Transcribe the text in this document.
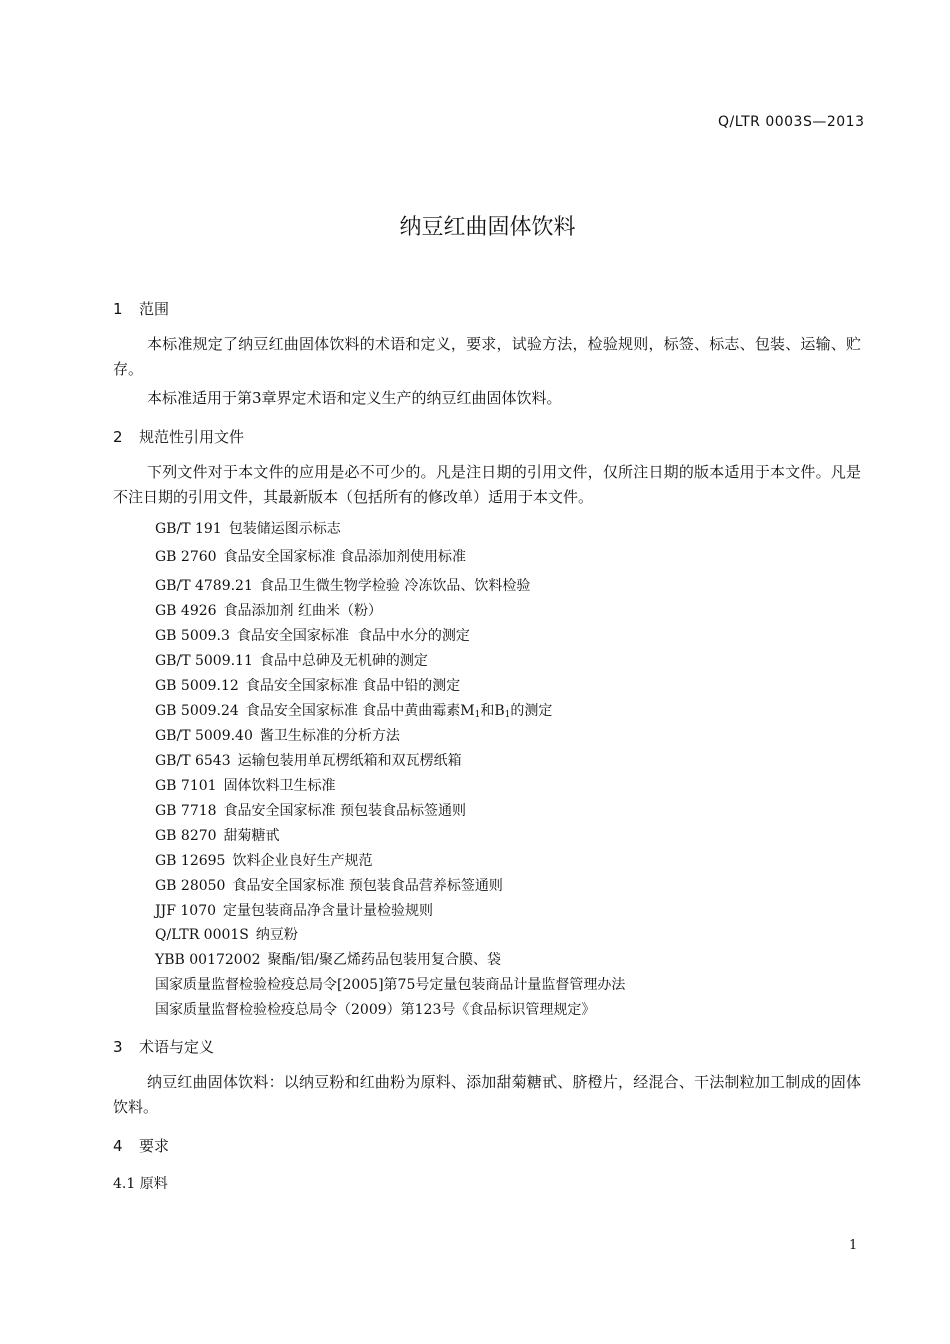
Q/LTR 0003S—2013
纳豆红曲固体饮料
1 范围
本标准规定了纳豆红曲固体饮料的术语和定义，要求，试验方法，检验规则，标签、标志、包装、运输、贮存。
本标准适用于第3章界定术语和定义生产的纳豆红曲固体饮料。
2 规范性引用文件
下列文件对于本文件的应用是必不可少的。凡是注日期的引用文件，仅所注日期的版本适用于本文件。凡是不注日期的引用文件，其最新版本（包括所有的修改单）适用于本文件。
GB/T 191 包装储运图示标志
GB 2760 食品安全国家标准 食品添加剂使用标准
GB/T 4789.21 食品卫生微生物学检验 冷冻饮品、饮料检验
GB 4926 食品添加剂 红曲米（粉）
GB 5009.3 食品安全国家标准  食品中水分的测定
GB/T 5009.11 食品中总砷及无机砷的测定
GB 5009.12 食品安全国家标准 食品中铅的测定
GB 5009.24 食品安全国家标准 食品中黄曲霉素$M_1$和$B_1$的测定
GB/T 5009.40 酱卫生标准的分析方法
GB/T 6543 运输包装用单瓦楞纸箱和双瓦楞纸箱
GB 7101 固体饮料卫生标准
GB 7718 食品安全国家标准 预包装食品标签通则
GB 8270 甜菊糖甙
GB 12695 饮料企业良好生产规范
GB 28050 食品安全国家标准 预包装食品营养标签通则
JJF 1070 定量包装商品净含量计量检验规则
Q/LTR 0001S 纳豆粉
YBB 00172002 聚酯/铝/聚乙烯药品包装用复合膜、袋
国家质量监督检验检疫总局令[2005]第75号定量包装商品计量监督管理办法
国家质量监督检验检疫总局令（2009）第123号《食品标识管理规定》
3 术语与定义
纳豆红曲固体饮料：以纳豆粉和红曲粉为原料、添加甜菊糖甙、脐橙片，经混合、干法制粒加工制成的固体饮料。
4 要求
4.1 原料
1
